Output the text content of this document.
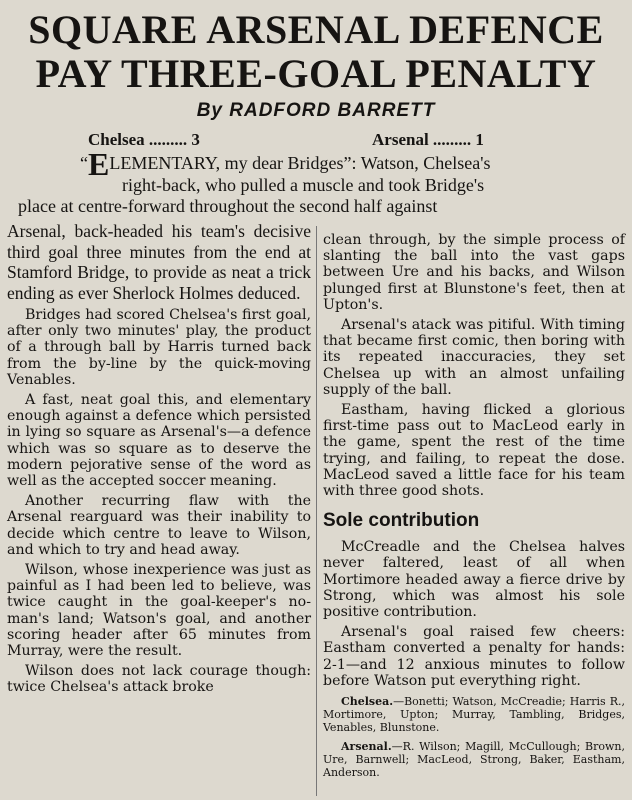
SQUARE ARSENAL DEFENCE
PAY THREE-GOAL PENALTY
By RADFORD BARRETT
Chelsea ......... 3	Arsenal ......... 1
“ELEMENTARY, my dear Bridges”: Watson, Chelsea's
right-back, who pulled a muscle and took Bridge's
place at centre-forward throughout the second half against

Arsenal, back-headed his team's decisive third goal three minutes from the end at Stamford Bridge, to provide as neat a trick ending as ever Sherlock Holmes deduced.

Bridges had scored Chelsea's first goal, after only two minutes' play, the product of a through ball by Harris turned back from the by-line by the quick-moving Venables.

A fast, neat goal this, and elementary enough against a defence which persisted in lying so square as Arsenal's—a defence which was so square as to deserve the modern pejorative sense of the word as well as the accepted soccer meaning.

Another recurring flaw with the Arsenal rearguard was their inability to decide which centre to leave to Wilson, and which to try and head away.

Wilson, whose inexperience was just as painful as I had been led to believe, was twice caught in the goal-keeper's no-man's land; Watson's goal, and another scoring header after 65 minutes from Murray, were the result.

Wilson does not lack courage though: twice Chelsea's attack broke

clean through, by the simple process of slanting the ball into the vast gaps between Ure and his backs, and Wilson plunged first at Blunstone's feet, then at Upton's.

Arsenal's atack was pitiful. With timing that became first comic, then boring with its repeated inaccuracies, they set Chelsea up with an almost unfailing supply of the ball.

Eastham, having flicked a glorious first-time pass out to MacLeod early in the game, spent the rest of the time trying, and failing, to repeat the dose. MacLeod saved a little face for his team with three good shots.

Sole contribution

McCreadle and the Chelsea halves never faltered, least of all when Mortimore headed away a fierce drive by Strong, which was almost his sole positive contribution.

Arsenal's goal raised few cheers: Eastham converted a penalty for hands: 2-1—and 12 anxious minutes to follow before Watson put everything right.

Chelsea.—Bonetti; Watson, McCreadie; Harris R., Mortimore, Upton; Murray, Tambling, Bridges, Venables, Blunstone.

Arsenal.—R. Wilson; Magill, McCullough; Brown, Ure, Barnwell; MacLeod, Strong, Baker, Eastham, Anderson.
